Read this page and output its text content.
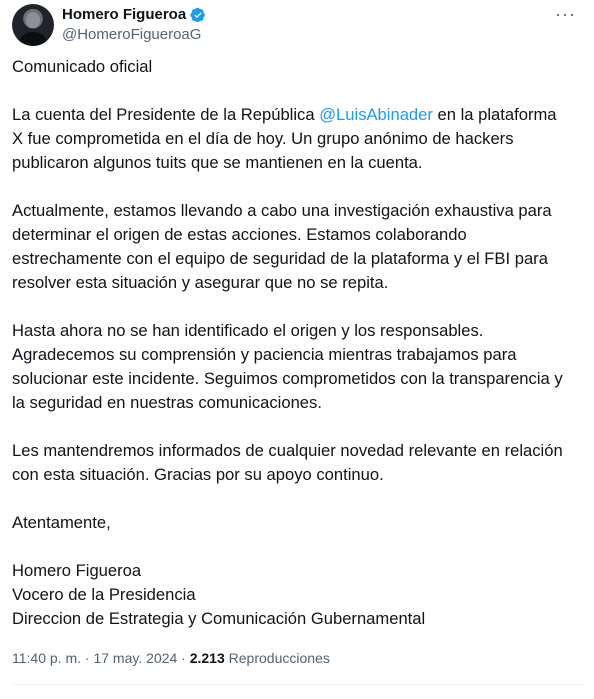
Homero Figueroa
@HomeroFigueroaG
···

Comunicado oficial

La cuenta del Presidente de la República @LuisAbinader en la plataforma X fue comprometida en el día de hoy. Un grupo anónimo de hackers publicaron algunos tuits que se mantienen en la cuenta.

Actualmente, estamos llevando a cabo una investigación exhaustiva para determinar el origen de estas acciones. Estamos colaborando estrechamente con el equipo de seguridad de la plataforma y el FBI para resolver esta situación y asegurar que no se repita.

Hasta ahora no se han identificado el origen y los responsables. Agradecemos su comprensión y paciencia mientras trabajamos para solucionar este incidente. Seguimos comprometidos con la transparencia y la seguridad en nuestras comunicaciones.

Les mantendremos informados de cualquier novedad relevante en relación con esta situación. Gracias por su apoyo continuo.

Atentamente,

Homero Figueroa
Vocero de la Presidencia
Direccion de Estrategia y Comunicación Gubernamental
11:40 p. m. · 17 may. 2024 · 2.213 Reproducciones
